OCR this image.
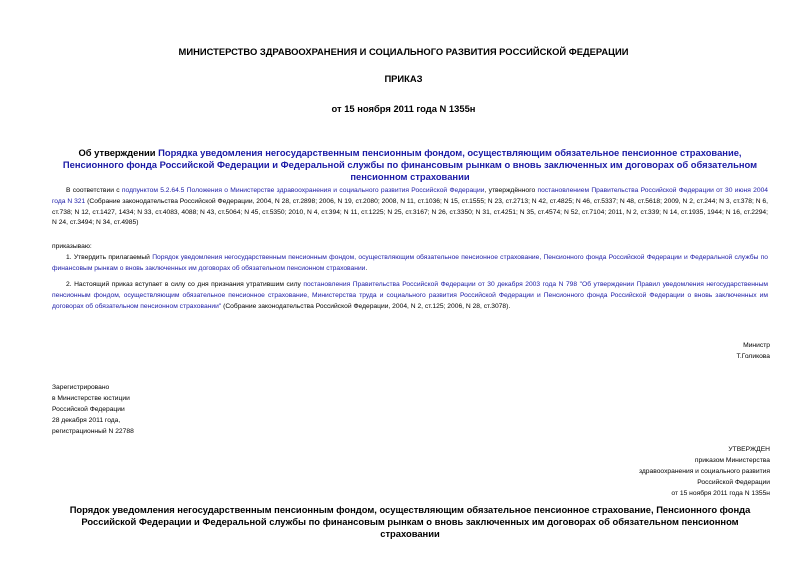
МИНИСТЕРСТВО ЗДРАВООХРАНЕНИЯ И СОЦИАЛЬНОГО РАЗВИТИЯ РОССИЙСКОЙ ФЕДЕРАЦИИ
ПРИКАЗ
от 15 ноября 2011 года N 1355н
Об утверждении Порядка уведомления негосударственным пенсионным фондом, осуществляющим обязательное пенсионное страхование, Пенсионного фонда Российской Федерации и Федеральной службы по финансовым рынкам о вновь заключенных им договорах об обязательном пенсионном страховании
В соответствии с подпунктом 5.2.64.5 Положения о Министерстве здравоохранения и социального развития Российской Федерации, утверждённого постановлением Правительства Российской Федерации от 30 июня 2004 года N 321 (Собрание законодательства Российской Федерации, 2004, N 28, ст.2898; 2006, N 19, ст.2080; 2008, N 11, ст.1036; N 15, ст.1555; N 23, ст.2713; N 42, ст.4825; N 46, ст.5337; N 48, ст.5618; 2009, N 2, ст.244; N 3, ст.378; N 6, ст.738; N 12, ст.1427, 1434; N 33, ст.4083, 4088; N 43, ст.5064; N 45, ст.5350; 2010, N 4, ст.394; N 11, ст.1225; N 25, ст.3167; N 26, ст.3350; N 31, ст.4251; N 35, ст.4574; N 52, ст.7104; 2011, N 2, ст.339; N 14, ст.1935, 1944; N 16, ст.2294; N 24, ст.3494; N 34, ст.4985)
приказываю:
1. Утвердить прилагаемый Порядок уведомления негосударственным пенсионным фондом, осуществляющим обязательное пенсионное страхование, Пенсионного фонда Российской Федерации и Федеральной службы по финансовым рынкам о вновь заключенных им договорах об обязательном пенсионном страховании.
2. Настоящий приказ вступает в силу со дня признания утратившим силу постановления Правительства Российской Федерации от 30 декабря 2003 года N 798 "Об утверждении Правил уведомления негосударственным пенсионным фондом, осуществляющим обязательное пенсионное страхование, Министерства труда и социального развития Российской Федерации и Пенсионного фонда Российской Федерации о вновь заключенных им договорах об обязательном пенсионном страховании" (Собрание законодательства Российской Федерации, 2004, N 2, ст.125; 2006, N 28, ст.3078).
Министр
Т.Голикова
Зарегистрировано
в Министерстве юстиции
Российской Федерации
28 декабря 2011 года,
регистрационный N 22788
УТВЕРЖДЕН
приказом Министерства
здравоохранения и социального развития
Российской Федерации
от 15 ноября 2011 года N 1355н
Порядок уведомления негосударственным пенсионным фондом, осуществляющим обязательное пенсионное страхование, Пенсионного фонда Российской Федерации и Федеральной службы по финансовым рынкам о вновь заключенных им договорах об обязательном пенсионном страховании
